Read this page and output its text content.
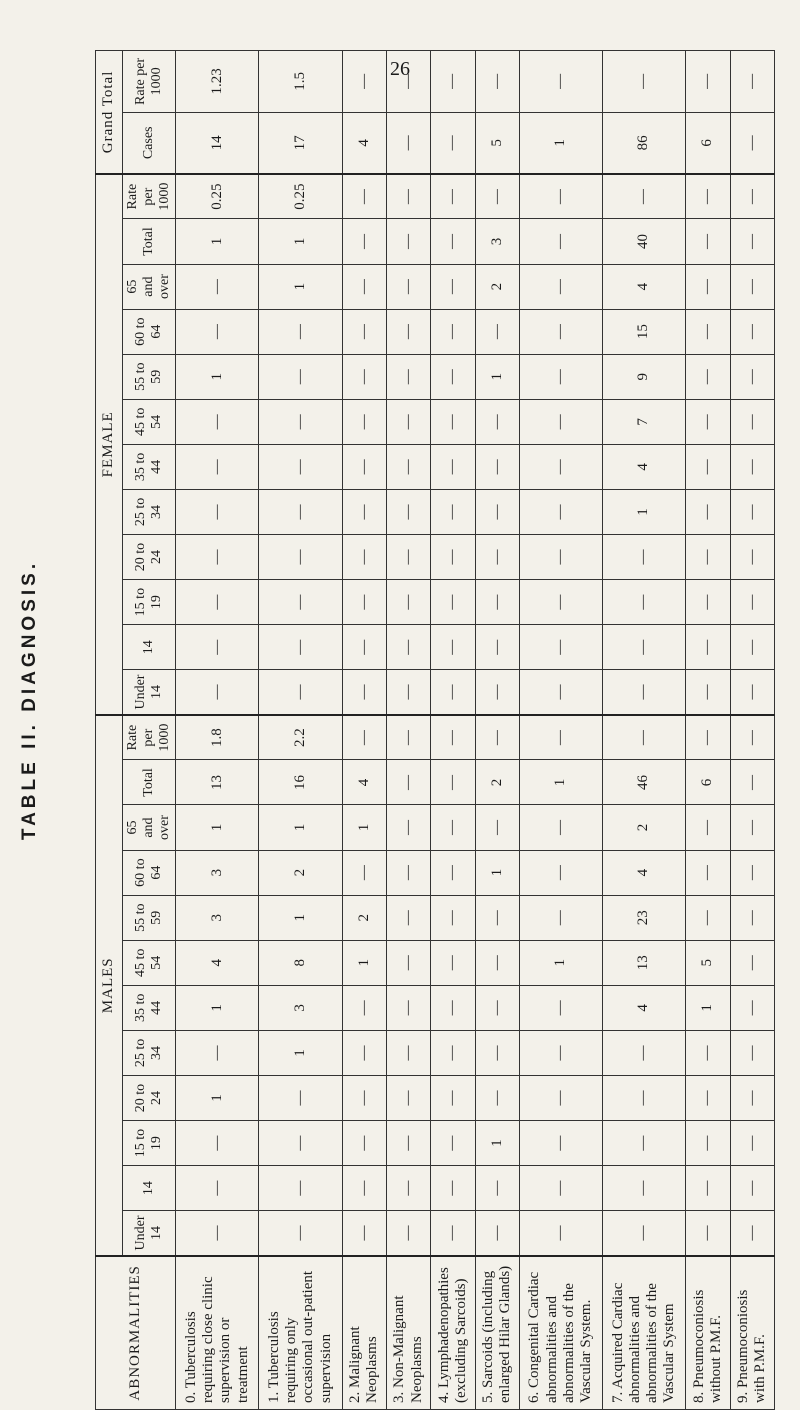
26
TABLE II. DIAGNOSIS.
ABNORMALITIES	MALES												FEMALE												Grand Total	
	Under 14	14	15 to 19	20 to 24	25 to 34	35 to 44	45 to 54	55 to 59	60 to 64	65 and over	Total	Rate per 1000	Under 14	14	15 to 19	20 to 24	25 to 34	35 to 44	45 to 54	55 to 59	60 to 64	65 and over	Total	Rate per 1000	Cases	Rate per 1000
0. Tuberculosis requiring close clinic supervision or treatment	—	—	—	1	—	1	4	3	3	1	13	1.8	—	—	—	—	—	—	—	1	—	—	1	0.25	14	1.23
1. Tuberculosis requiring only occasional out-patient supervision	—	—	—	—	1	3	8	1	2	1	16	2.2	—	—	—	—	—	—	—	—	—	1	1	0.25	17	1.5
2. Malignant Neoplasms	—	—	—	—	—	—	1	2	—	1	4	—	—	—	—	—	—	—	—	—	—	—	—	—	4	—
3. Non-Malignant Neoplasms	—	—	—	—	—	—	—	—	—	—	—	—	—	—	—	—	—	—	—	—	—	—	—	—	—	—
4. Lymphadenopathies (excluding Sarcoids)	—	—	—	—	—	—	—	—	—	—	—	—	—	—	—	—	—	—	—	—	—	—	—	—	—	—
5. Sarcoids (including enlarged Hilar Glands)	—	—	1	—	—	—	—	—	1	—	2	—	—	—	—	—	—	—	—	1	—	2	3	—	5	—
6. Congenital Cardiac abnormalities and abnormalities of the Vascular System.	—	—	—	—	—	—	1	—	—	—	1	—	—	—	—	—	—	—	—	—	—	—	—	—	1	—
7. Acquired Cardiac abnormalities and abnormalities of the Vascular System	—	—	—	—	—	4	13	23	4	2	46	—	—	—	—	—	1	4	7	9	15	4	40	—	86	—
8. Pneumoconiosis without P.M.F.	—	—	—	—	—	1	5	—	—	—	6	—	—	—	—	—	—	—	—	—	—	—	—	—	6	—
9. Pneumoconiosis with P.M.F.	—	—	—	—	—	—	—	—	—	—	—	—	—	—	—	—	—	—	—	—	—	—	—	—	—	—
